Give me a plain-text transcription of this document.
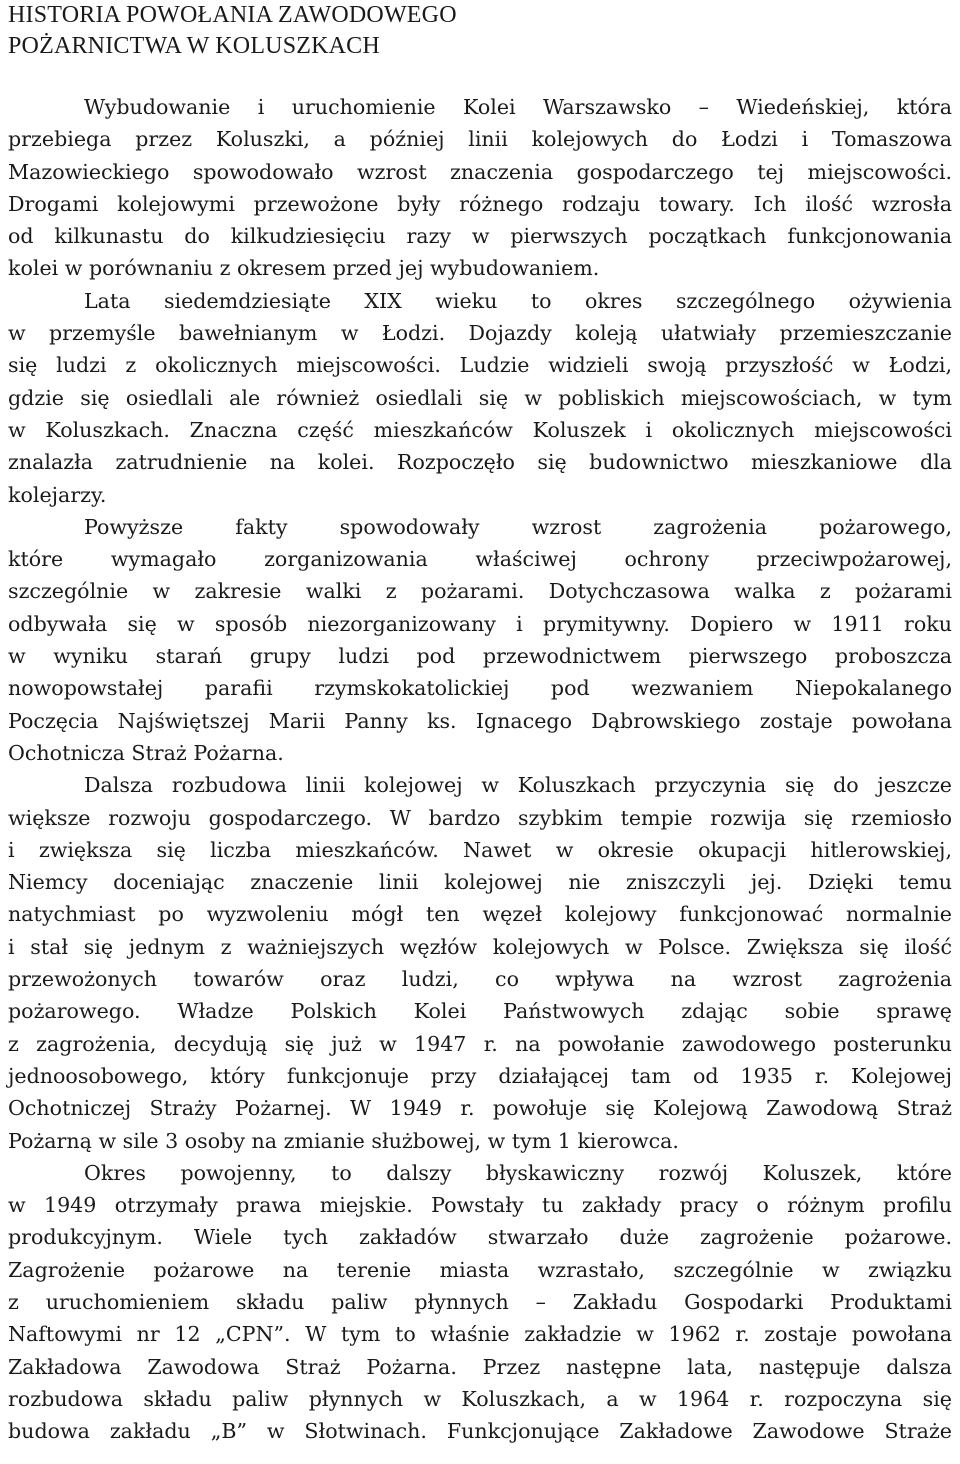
HISTORIA POWOŁANIA ZAWODOWEGO
POŻARNICTWA W KOLUSZKACH
Wybudowanie i uruchomienie Kolei Warszawsko – Wiedeńskiej, która
przebiega przez Koluszki, a później linii kolejowych do Łodzi i Tomaszowa
Mazowieckiego spowodowało wzrost znaczenia gospodarczego tej miejscowości.
Drogami kolejowymi przewożone były różnego rodzaju towary. Ich ilość wzrosła
od kilkunastu do kilkudziesięciu razy w pierwszych początkach funkcjonowania
kolei w porównaniu z okresem przed jej wybudowaniem.
Lata siedemdziesiąte XIX wieku to okres szczególnego ożywienia
w przemyśle bawełnianym w Łodzi. Dojazdy koleją ułatwiały przemieszczanie
się ludzi z okolicznych miejscowości. Ludzie widzieli swoją przyszłość w Łodzi,
gdzie się osiedlali ale również osiedlali się w pobliskich miejscowościach, w tym
w Koluszkach. Znaczna część mieszkańców Koluszek i okolicznych miejscowości
znalazła zatrudnienie na kolei. Rozpoczęło się budownictwo mieszkaniowe dla
kolejarzy.
Powyższe fakty spowodowały wzrost zagrożenia pożarowego,
które wymagało zorganizowania właściwej ochrony przeciwpożarowej,
szczególnie w zakresie walki z pożarami. Dotychczasowa walka z pożarami
odbywała się w sposób niezorganizowany i prymitywny. Dopiero w 1911 roku
w wyniku starań grupy ludzi pod przewodnictwem pierwszego proboszcza
nowopowstałej parafii rzymskokatolickiej pod wezwaniem Niepokalanego
Poczęcia Najświętszej Marii Panny ks. Ignacego Dąbrowskiego zostaje powołana
Ochotnicza Straż Pożarna.
Dalsza rozbudowa linii kolejowej w Koluszkach przyczynia się do jeszcze
większe rozwoju gospodarczego. W bardzo szybkim tempie rozwija się rzemiosło
i zwiększa się liczba mieszkańców. Nawet w okresie okupacji hitlerowskiej,
Niemcy doceniając znaczenie linii kolejowej nie zniszczyli jej. Dzięki temu
natychmiast po wyzwoleniu mógł ten węzeł kolejowy funkcjonować normalnie
i stał się jednym z ważniejszych węzłów kolejowych w Polsce. Zwiększa się ilość
przewożonych towarów oraz ludzi, co wpływa na wzrost zagrożenia
pożarowego. Władze Polskich Kolei Państwowych zdając sobie sprawę
z zagrożenia, decydują się już w 1947 r. na powołanie zawodowego posterunku
jednoosobowego, który funkcjonuje przy działającej tam od 1935 r. Kolejowej
Ochotniczej Straży Pożarnej. W 1949 r. powołuje się Kolejową Zawodową Straż
Pożarną w sile 3 osoby na zmianie służbowej, w tym 1 kierowca.
Okres powojenny, to dalszy błyskawiczny rozwój Koluszek, które
w 1949 otrzymały prawa miejskie. Powstały tu zakłady pracy o różnym profilu
produkcyjnym. Wiele tych zakładów stwarzało duże zagrożenie pożarowe.
Zagrożenie pożarowe na terenie miasta wzrastało, szczególnie w związku
z uruchomieniem składu paliw płynnych – Zakładu Gospodarki Produktami
Naftowymi nr 12 „CPN”. W tym to właśnie zakładzie w 1962 r. zostaje powołana
Zakładowa Zawodowa Straż Pożarna. Przez następne lata, następuje dalsza
rozbudowa składu paliw płynnych w Koluszkach, a w 1964 r. rozpoczyna się
budowa zakładu „B” w Słotwinach. Funkcjonujące Zakładowe Zawodowe Straże
